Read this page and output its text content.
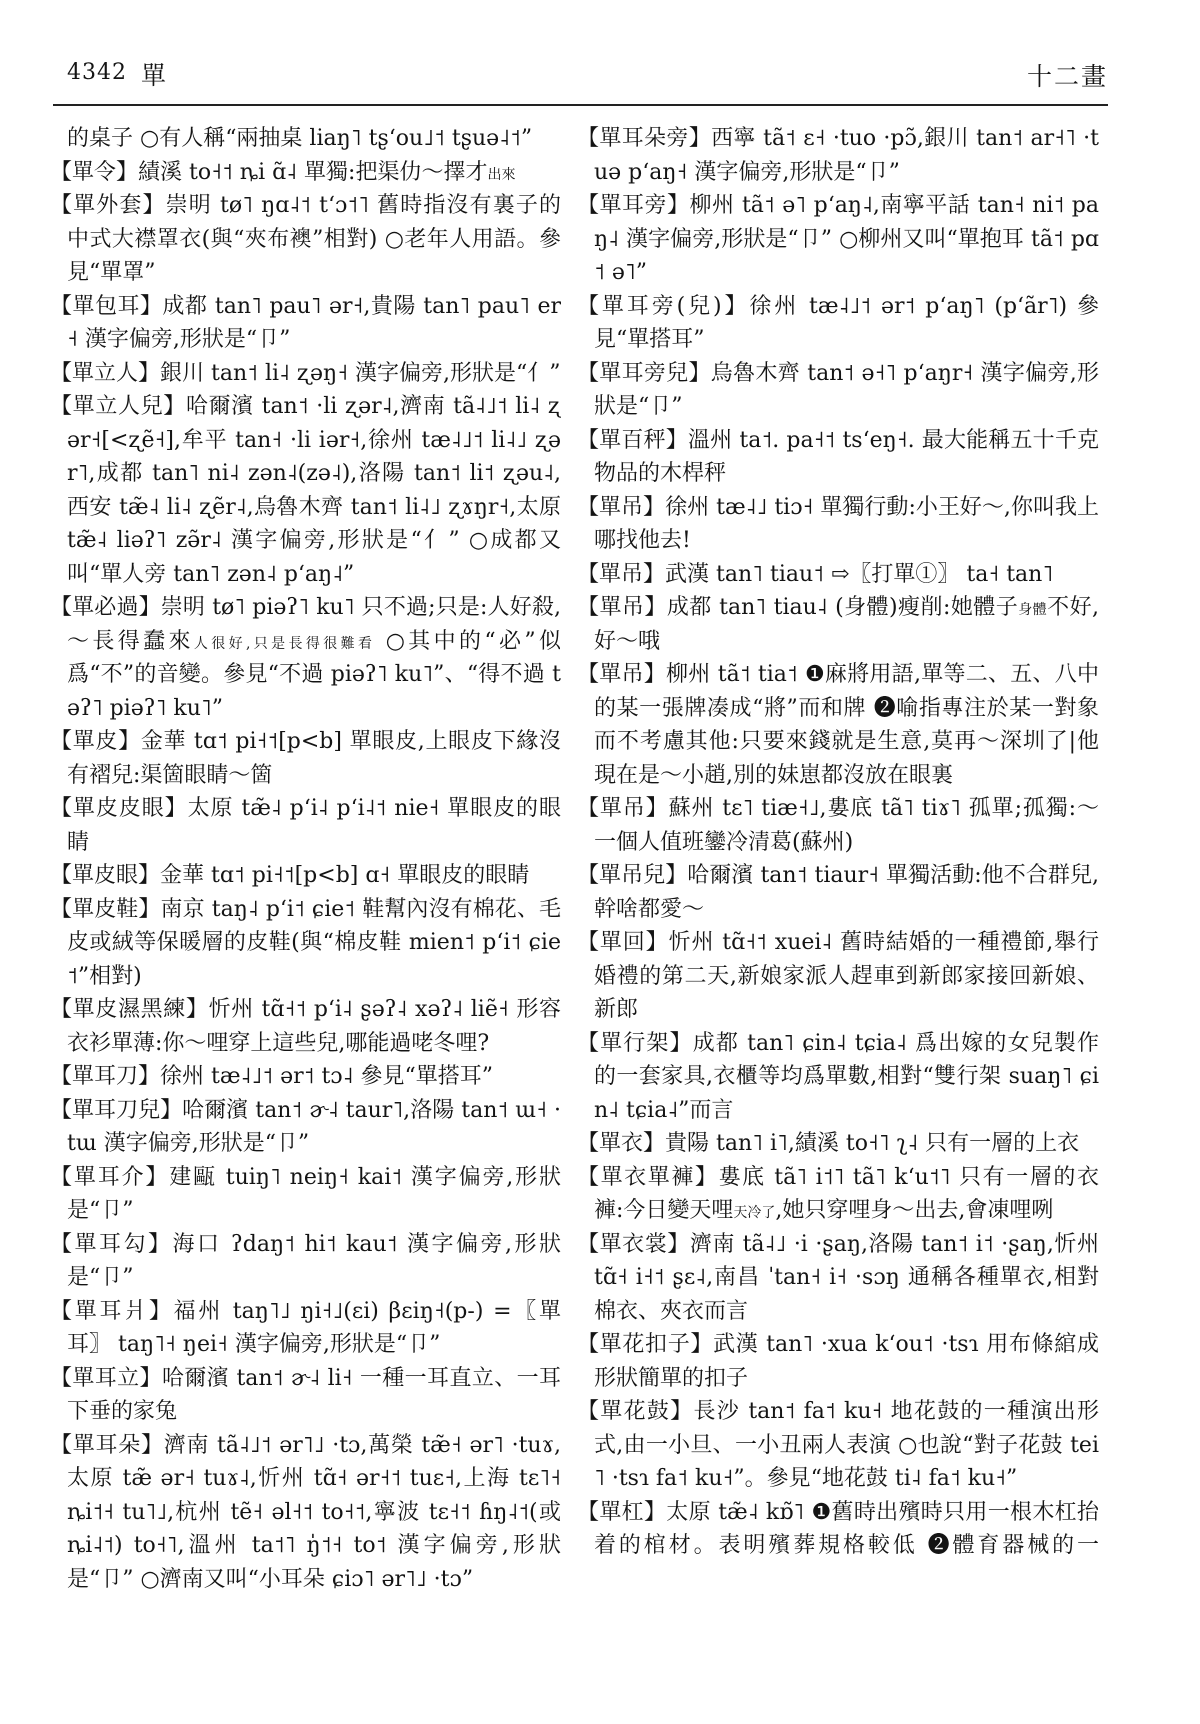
4342 單	十二畫

的桌子 ○有人稱“兩抽桌 liaŋ˥ tʂʻou˩˦ tʂuə˨˦”

【單令】績溪 to˧˦ ȵi ɑ̃˨ 單獨:把渠仂～擇才出來

【單外套】崇明 tø˥ ŋɑ˨˦ tʻɔ˦˥ 舊時指沒有裏子的中式大襟罩衣(與“夾布襖”相對) ○老年人用語。參見“單罩”

【單包耳】成都 tan˥ pau˥ ər˧,貴陽 tan˥ pau˥ er˧ 漢字偏旁,形狀是“卩”

【單立人】銀川 tan˦ li˨ ʐəŋ˧ 漢字偏旁,形狀是“亻”

【單立人兒】哈爾濱 tan˦ ·li ʐər˨,濟南 tã˨˩˦ li˨ ʐər˧[<ʐẽ˧],牟平 tan˧ ·li iər˧,徐州 tæ˨˩˦ li˨˩ ʐər˥,成都 tan˥ ni˨ zən˨(zə˨),洛陽 tan˦ li˦ ʐəu˨,西安 tæ̃˨ li˨ ʐẽr˨,烏魯木齊 tan˦ li˨˩ ʐɤŋr˧,太原 tæ̃˨ liəʔ˥ zə̃r˨ 漢字偏旁,形狀是“亻” ○成都又叫“單人旁 tan˥ zən˨ pʻaŋ˨”

【單必過】崇明 tø˥ piəʔ˥ ku˥ 只不過;只是:人好殺,～長得蠢來人很好,只是長得很難看 ○其中的“必”似爲“不”的音變。參見“不過 piəʔ˥ ku˥”、“得不過 təʔ˥ piəʔ˥ ku˥”

【單皮】金華 tɑ˦ pi˧˦[p<b] 單眼皮,上眼皮下緣沒有褶兒:渠箇眼睛～箇

【單皮皮眼】太原 tæ̃˨ pʻi˨ pʻi˨˦ nie˧ 單眼皮的眼睛

【單皮眼】金華 tɑ˦ pi˧˦[p<b] ɑ˧ 單眼皮的眼睛

【單皮鞋】南京 taŋ˨ pʻi˦ ɕie˦ 鞋幫內沒有棉花、毛皮或絨等保暖層的皮鞋(與“棉皮鞋 mien˦ pʻi˦ ɕie˦”相對)

【單皮濕黑練】忻州 tɑ̃˧˦ pʻi˨ ʂəʔ˨ xəʔ˨ liẽ˧ 形容衣衫單薄:你～哩穿上這些兒,哪能過咾冬哩?

【單耳刀】徐州 tæ˨˩˦ ər˦ tɔ˨ 參見“單搭耳”

【單耳刀兒】哈爾濱 tan˦ ɚ˨ taur˥,洛陽 tan˦ ɯ˧ ·tɯ 漢字偏旁,形狀是“卩”

【單耳介】建甌 tuiŋ˥ neiŋ˧ kai˦ 漢字偏旁,形狀是“卩”

【單耳勾】海口 ʔdaŋ˦ hi˦ kau˦ 漢字偏旁,形狀是“卩”

【單耳爿】福州 taŋ˥˩ ŋi˧˩(ɛi) βɛiŋ˧(p-) =〖單耳〗 taŋ˥˧ ŋei˧ 漢字偏旁,形狀是“卩”

【單耳立】哈爾濱 tan˦ ɚ˨ li˧ 一種一耳直立、一耳下垂的家兔

【單耳朵】濟南 tã˨˩˦ ər˥˩ ·tɔ,萬榮 tæ̃˧ ər˥ ·tuɤ,太原 tæ̃ ər˧ tuɤ˨,忻州 tɑ̃˧ ər˧˦ tuɛ˧,上海 tɛ˥˧ ȵi˦˧ tu˥˩,杭州 tẽ˧ əl˧˦ to˧˦,寧波 tɛ˧˦ ɦŋ˨˦(或ȵi˨˦) to˧˥,溫州 ta˦˥ ŋ̍˦˧ to˦ 漢字偏旁,形狀是“卩” ○濟南又叫“小耳朵 ɕiɔ˥ ər˥˩ ·tɔ”

【單耳朵旁】西寧 tã˦ ɛ˧ ·tuo ·pɔ̃,銀川 tan˦ ar˧˥ ·tuə pʻaŋ˧ 漢字偏旁,形狀是“卩”

【單耳旁】柳州 tã˦ ə˥ pʻaŋ˨,南寧平話 tan˧ ni˦ paŋ˨ 漢字偏旁,形狀是“卩” ○柳州又叫“單抱耳 tã˦ pɑ˦ ə˥”

【單耳旁(兒)】徐州 tæ˨˩˦ ər˦ pʻaŋ˥ (pʻãr˥) 參見“單搭耳”

【單耳旁兒】烏魯木齊 tan˦ ə˧˥ pʻaŋr˧ 漢字偏旁,形狀是“卩”

【單百秤】溫州 ta˦. pa˧˦ tsʻeŋ˧. 最大能稱五十千克物品的木桿秤

【單吊】徐州 tæ˨˩ tiɔ˧ 單獨行動:小王好～,你叫我上哪找他去!

【單吊】武漢 tan˥ tiau˦ ⇨〖打單①〗 ta˧ tan˥

【單吊】成都 tan˥ tiau˨ (身體)瘦削:她體子身體不好,好～哦

【單吊】柳州 tã˦ tia˦ ❶麻將用語,單等二、五、八中的某一張牌凑成“將”而和牌 ❷喻指專注於某一對象而不考慮其他:只要來錢就是生意,莫再～深圳了|他現在是～小趙,別的妹崽都沒放在眼裏

【單吊】蘇州 tɛ˥ tiæ˧˩,婁底 tã˥ tiɤ˥ 孤單;孤獨:～一個人值班鑾冷清葛(蘇州)

【單吊兒】哈爾濱 tan˦ tiaur˧ 單獨活動:他不合群兒,幹啥都愛～

【單回】忻州 tɑ̃˧˦ xuei˨ 舊時結婚的一種禮節,舉行婚禮的第二天,新娘家派人趕車到新郎家接回新娘、新郎

【單行架】成都 tan˥ ɕin˨ tɕia˨ 爲出嫁的女兒製作的一套家具,衣櫃等均爲單數,相對“雙行架 suaŋ˥ ɕin˨ tɕia˨”而言

【單衣】貴陽 tan˥ i˥,績溪 to˧˥ ʅ˨ 只有一層的上衣

【單衣單褲】婁底 tã˥ i˦˥ tã˥ kʻu˦˥ 只有一層的衣褲:今日變天哩天冷了,她只穿哩身～出去,會凍哩咧

【單衣裳】濟南 tã˨˩ ·i ·ʂaŋ,洛陽 tan˦ i˦ ·ʂaŋ,忻州 tɑ̃˧ i˧˦ ʂɛ˨,南昌 ˈtan˧ i˧ ·sɔŋ 通稱各種單衣,相對棉衣、夾衣而言

【單花扣子】武漢 tan˥ ·xua kʻou˦ ·tsɿ 用布條綰成形狀簡單的扣子

【單花鼓】長沙 tan˦ fa˦ ku˧ 地花鼓的一種演出形式,由一小旦、一小丑兩人表演 ○也說“對子花鼓 tei˥ ·tsɿ fa˦ ku˧”。參見“地花鼓 ti˨ fa˦ ku˧”

【單杠】太原 tæ̃˨ kɒ̃˥ ❶舊時出殯時只用一根木杠抬着的棺材。表明殯葬規格較低 ❷體育器械的一
